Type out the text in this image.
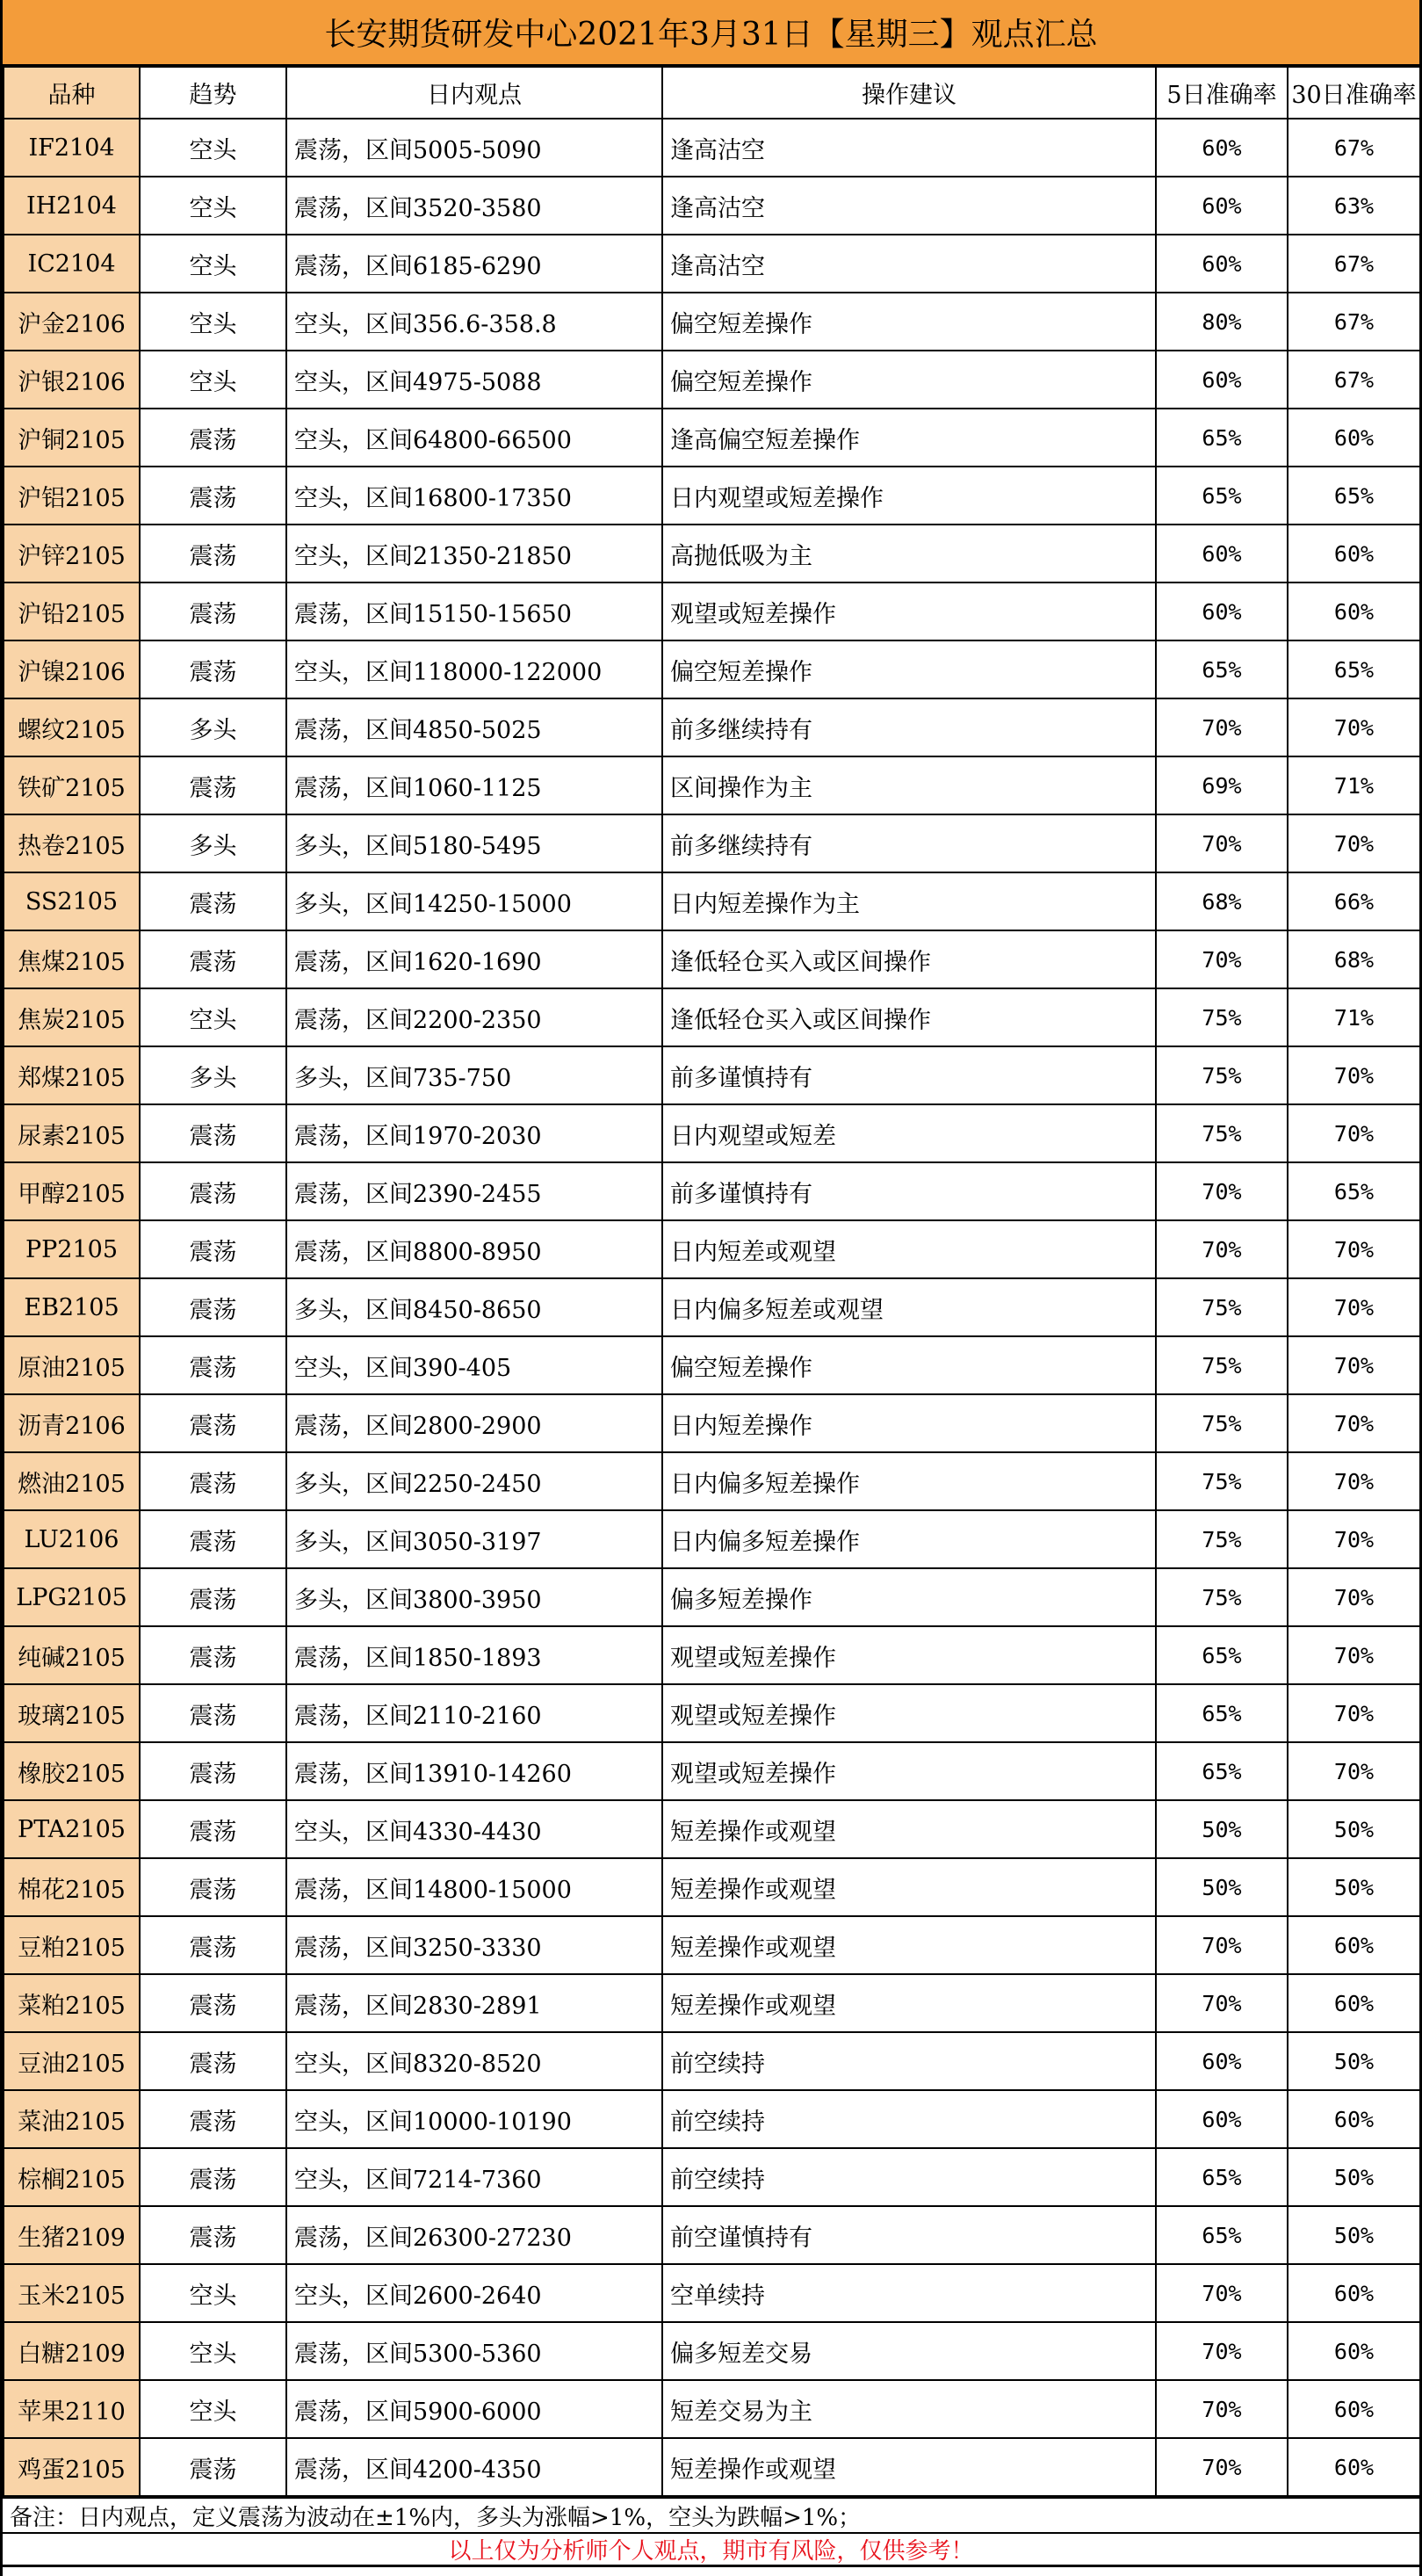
长安期货研发中心2021年3月31日【星期三】观点汇总
品种	趋势	日内观点	操作建议	5日准确率	30日准确率
IF2104	空头	震荡，区间5005-5090	逢高沽空	60%	67%
IH2104	空头	震荡，区间3520-3580	逢高沽空	60%	63%
IC2104	空头	震荡，区间6185-6290	逢高沽空	60%	67%
沪金2106	空头	空头，区间356.6-358.8	偏空短差操作	80%	67%
沪银2106	空头	空头，区间4975-5088	偏空短差操作	60%	67%
沪铜2105	震荡	空头，区间64800-66500	逢高偏空短差操作	65%	60%
沪铝2105	震荡	空头，区间16800-17350	日内观望或短差操作	65%	65%
沪锌2105	震荡	空头，区间21350-21850	高抛低吸为主	60%	60%
沪铅2105	震荡	震荡，区间15150-15650	观望或短差操作	60%	60%
沪镍2106	震荡	空头，区间118000-122000	偏空短差操作	65%	65%
螺纹2105	多头	震荡，区间4850-5025	前多继续持有	70%	70%
铁矿2105	震荡	震荡，区间1060-1125	区间操作为主	69%	71%
热卷2105	多头	多头，区间5180-5495	前多继续持有	70%	70%
SS2105	震荡	多头，区间14250-15000	日内短差操作为主	68%	66%
焦煤2105	震荡	震荡，区间1620-1690	逢低轻仓买入或区间操作	70%	68%
焦炭2105	空头	震荡，区间2200-2350	逢低轻仓买入或区间操作	75%	71%
郑煤2105	多头	多头，区间735-750	前多谨慎持有	75%	70%
尿素2105	震荡	震荡，区间1970-2030	日内观望或短差	75%	70%
甲醇2105	震荡	震荡，区间2390-2455	前多谨慎持有	70%	65%
PP2105	震荡	震荡，区间8800-8950	日内短差或观望	70%	70%
EB2105	震荡	多头，区间8450-8650	日内偏多短差或观望	75%	70%
原油2105	震荡	空头，区间390-405	偏空短差操作	75%	70%
沥青2106	震荡	震荡，区间2800-2900	日内短差操作	75%	70%
燃油2105	震荡	多头，区间2250-2450	日内偏多短差操作	75%	70%
LU2106	震荡	多头，区间3050-3197	日内偏多短差操作	75%	70%
LPG2105	震荡	多头，区间3800-3950	偏多短差操作	75%	70%
纯碱2105	震荡	震荡，区间1850-1893	观望或短差操作	65%	70%
玻璃2105	震荡	震荡，区间2110-2160	观望或短差操作	65%	70%
橡胶2105	震荡	震荡，区间13910-14260	观望或短差操作	65%	70%
PTA2105	震荡	空头，区间4330-4430	短差操作或观望	50%	50%
棉花2105	震荡	震荡，区间14800-15000	短差操作或观望	50%	50%
豆粕2105	震荡	震荡，区间3250-3330	短差操作或观望	70%	60%
菜粕2105	震荡	震荡，区间2830-2891	短差操作或观望	70%	60%
豆油2105	震荡	空头，区间8320-8520	前空续持	60%	50%
菜油2105	震荡	空头，区间10000-10190	前空续持	60%	60%
棕榈2105	震荡	空头，区间7214-7360	前空续持	65%	50%
生猪2109	震荡	震荡，区间26300-27230	前空谨慎持有	65%	50%
玉米2105	空头	空头，区间2600-2640	空单续持	70%	60%
白糖2109	空头	震荡，区间5300-5360	偏多短差交易	70%	60%
苹果2110	空头	震荡，区间5900-6000	短差交易为主	70%	60%
鸡蛋2105	震荡	震荡，区间4200-4350	短差操作或观望	70%	60%
备注：日内观点，定义震荡为波动在±1%内，多头为涨幅>1%，空头为跌幅>1%；
以上仅为分析师个人观点，期市有风险，仅供参考！
